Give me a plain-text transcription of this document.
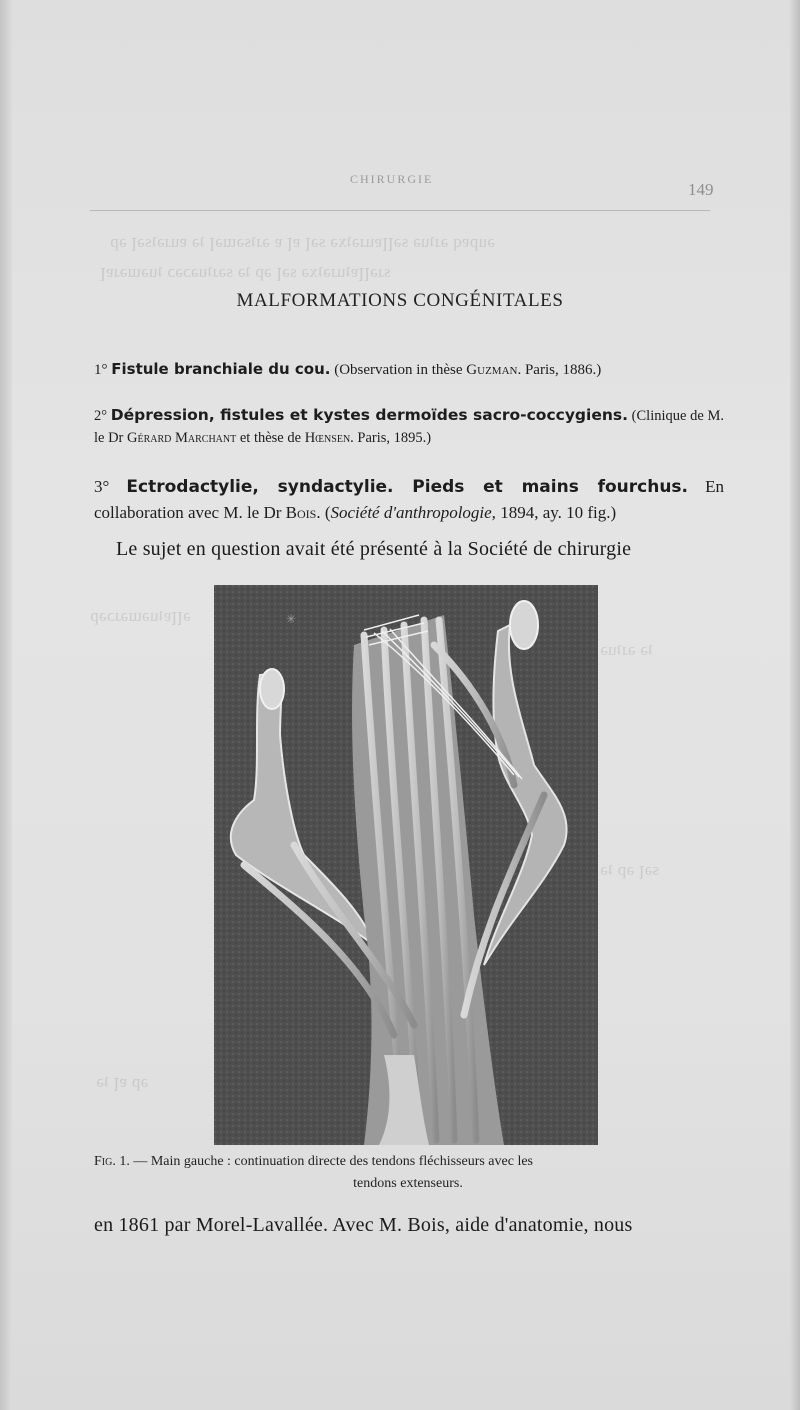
ǝupɐq ǝɹʇuǝ sǝꞁꞁɐuɹǝʇxǝ sǝꞁ ɐꞁ ɐ ǝɹʇsǝɯǝꞁ ʇǝ ɐuɹǝʇsǝꞁ ǝp
sɹǝꞁꞁɐʇuɹǝʇxǝ sǝꞁ ǝp ʇǝ sǝɹʇuǝɔǝɔ ʇuǝɯǝɹɐꞁ
ǝꞁꞁɐʇuǝɯǝɹɔǝp
ʇǝ ǝɹʇuǝ
sǝꞁ ǝp ʇǝ
ǝp ɐꞁ ʇǝ
CHIRURGIE
149
MALFORMATIONS CONGÉNITALES
1° Fistule branchiale du cou. (Observation in thèse Guzman. Paris, 1886.)
2° Dépression, fistules et kystes dermoïdes sacro-coccygiens. (Clinique de M. le Dr Gérard Marchant et thèse de Hœnsen. Paris, 1895.)
3° Ectrodactylie, syndactylie. Pieds et mains fourchus. En collaboration avec M. le Dr Bois. (Société d'anthropologie, 1894, ay. 10 fig.)
Le sujet en question avait été présenté à la Société de chirurgie
✳
Fig. 1. — Main gauche : continuation directe des tendons fléchisseurs avec les
tendons extenseurs.
en 1861 par Morel-Lavallée. Avec M. Bois, aide d'anatomie, nous
